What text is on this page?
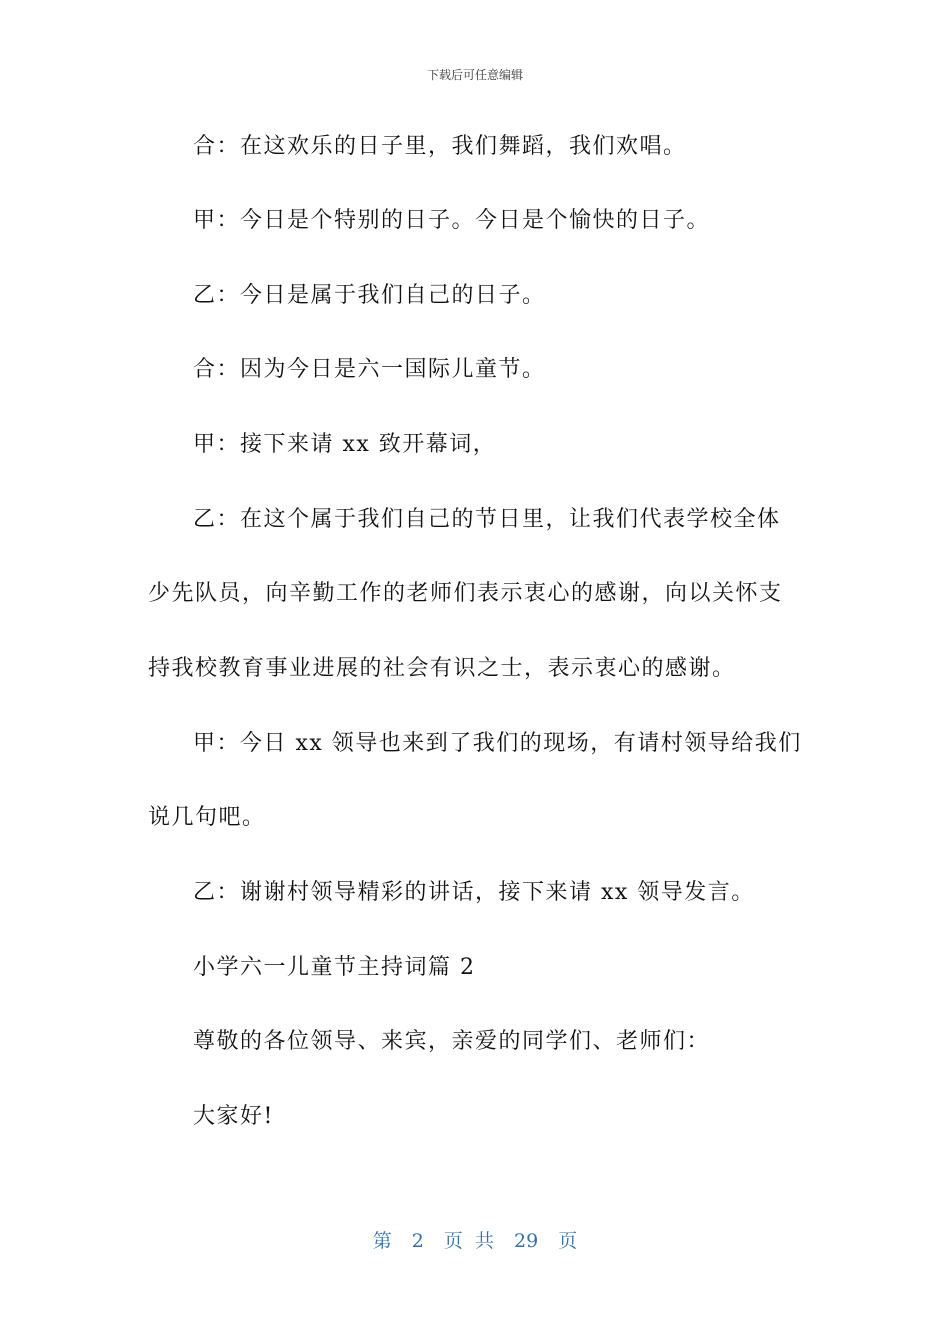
下载后可任意编辑
合：在这欢乐的日子里，我们舞蹈，我们欢唱。
甲：今日是个特别的日子。今日是个愉快的日子。
乙：今日是属于我们自己的日子。
合：因为今日是六一国际儿童节。
甲：接下来请 xx 致开幕词，
乙：在这个属于我们自己的节日里，让我们代表学校全体
少先队员，向辛勤工作的老师们表示衷心的感谢，向以关怀支
持我校教育事业进展的社会有识之士，表示衷心的感谢。
甲：今日 xx 领导也来到了我们的现场，有请村领导给我们
说几句吧。
乙：谢谢村领导精彩的讲话，接下来请 xx 领导发言。
小学六一儿童节主持词篇 2
尊敬的各位领导、来宾，亲爱的同学们、老师们：
大家好!
第 2 页 共 29 页
